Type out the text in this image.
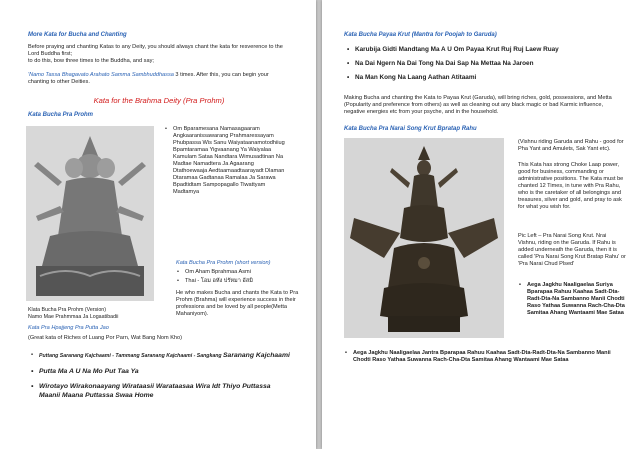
More Kata for Bucha and Chanting

Before praying and chanting Katas to any Deity, you should always chant the kata for resverence to the Lord Buddha first;

to do this, bow three times to the Buddha, and say;

'Namo Tassa Bhagavato Arahato Samma Sambhuddhassa 3 times. After this, you can begin your chanting to other Deities.

Kata for the Brahma Deity (Pra Prohm)

Kata Bucha Pra Prohm

• Om Bparamesana Namasagaaram Angkaaranissawarang Prahmaressayam Phubpassa Wis Sanu Waiyataanamotodhiiug Bpamtaramaa Yigvaanang Ya Waiyalaa Kamulam Sataa Nandtara Wimusadtinan Na Madtae Namadtera Ja Agaarang Dtathoewaaja Aedtaamaadtaarayadt Dlaman Dtaramaa Gadtanaa Ramalaa Ja Sarawa Bpadtidtam Sampopagallo Tiwattyam Madtamya

Kata Bucha Pra Prohm (short version)

• Om Aham Bprahmaa Asmi
• Thai - โอม อหัง ปรัหมา อัสมิ

He who makes Bucha and chants the Kata to Pra Prohm (Brahma) will experience success in their professions and be loved by all people(Metta Mahaniyom).

Klata Bucha Pra Prohm (Version)

Namo Mae Prahmmaa Ja Logaatibadii

Kata Pra Hpajjeng Pra Putta Jao

(Great kata of Riches of Luang Por Parn, Wat Bang Nom Kho)

• Puttang Saranang Kajchaami - Tammang Saranang Kajchaami - Sangkang Saranang Kajchaami
• Putta Ma A U Na Mo Put Taa Ya
• Wirotayo Wirakonaayang Wirataasii Warataasaa Wira Idt Thiyo Puttassa Maanii Maana Puttassa Swaa Home

Kata Bucha Payaa Krut (Mantra for Poojah to Garuda)

• Karubija Gidti Mandtang Ma A U Om Payaa Krut Ruj Ruj Laew Ruay
• Na Dai Ngern Na Dai Tong Na Dai Sap Na Mettaa Na Jaroen
• Na Man Kong Na Laang Aathan Atitaami

Making Bucha and chanting the Kata to Payaa Krut (Garuda), will bring riches, gold, possessions, and Metta (Popularity and preference from others) as well as cleaning out any black magic or bad Karmic influence, negative energies etc from your psyche, and in the household.

Kata Bucha Pra Narai Song Krut Bpratap Rahu

(Vishnu riding Garuda and Rahu - good for Pha Yant and Amulets, Sak Yant etc).

This Kata has strong Choke Laap power, good for business, commanding or administrative positions. The Kata must be chanted 12 Times, in tune with Pra Rahu, who is the caretaker of all belongings and treasures, silver and gold, and pray to ask for what you wish for.

Pic Left – Pra Narai Song Krut. Nrai Vishnu, riding on the Garuda. If Rahu is added underneath the Garuda, then it is called 'Pra Narai Song Krut Bratap Rahu' or 'Pra Narai Chud Plsed'

• Aega Jagkhu Naaligaelaa Suriya Bparapaa Rahuu Kaahaa Sadt-Dta-Radt-Dta-Na Sambanno Manii Chodti Raso Yathaa Suwanna Rach-Cha-Dta Samitaa Ahang Wantaami Mae Sataa
• Aega Jagkhu Naaligaelaa Jantra Bparapaa Rahuu Kaahaa Sadt-Dta-Radt-Dta-Na Sambanno Manii Chodti Raso Yathaa Suwanna Rach-Cha-Dta Samitaa Ahang Wantaami Mae Sataa
